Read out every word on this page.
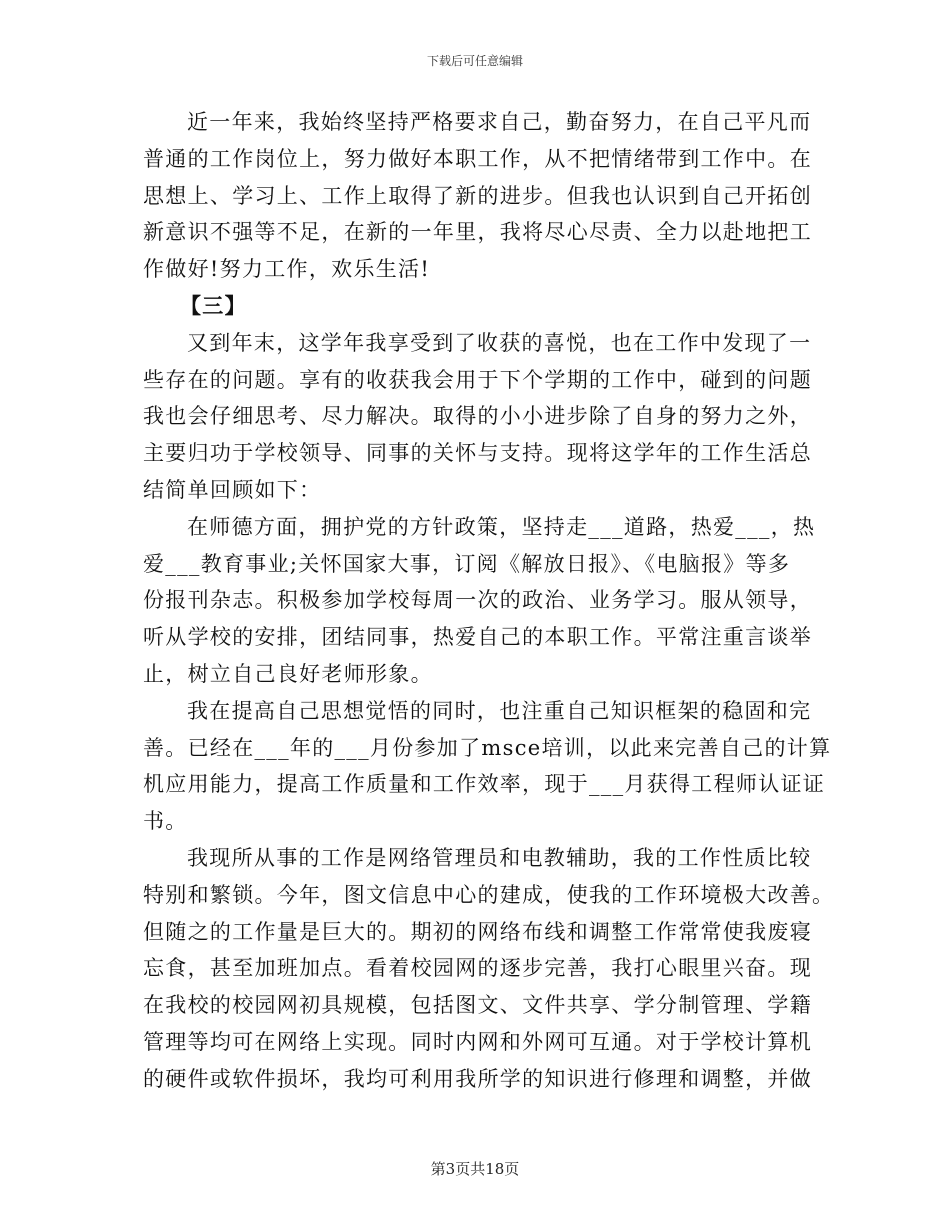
下载后可任意编辑
近一年来，我始终坚持严格要求自己，勤奋努力，在自己平凡而
普通的工作岗位上，努力做好本职工作，从不把情绪带到工作中。在
思想上、学习上、工作上取得了新的进步。但我也认识到自己开拓创
新意识不强等不足，在新的一年里，我将尽心尽责、全力以赴地把工
作做好!努力工作，欢乐生活!
【三】
又到年末，这学年我享受到了收获的喜悦，也在工作中发现了一
些存在的问题。享有的收获我会用于下个学期的工作中，碰到的问题
我也会仔细思考、尽力解决。取得的小小进步除了自身的努力之外，
主要归功于学校领导、同事的关怀与支持。现将这学年的工作生活总
结简单回顾如下：
在师德方面，拥护党的方针政策，坚持走___道路，热爱___，热
爱___教育事业;关怀国家大事，订阅《解放日报》、《电脑报》等多
份报刊杂志。积极参加学校每周一次的政治、业务学习。服从领导，
听从学校的安排，团结同事，热爱自己的本职工作。平常注重言谈举
止，树立自己良好老师形象。
我在提高自己思想觉悟的同时，也注重自己知识框架的稳固和完
善。已经在___年的___月份参加了msce培训，以此来完善自己的计算
机应用能力，提高工作质量和工作效率，现于___月获得工程师认证证
书。
我现所从事的工作是网络管理员和电教辅助，我的工作性质比较
特别和繁锁。今年，图文信息中心的建成，使我的工作环境极大改善。
但随之的工作量是巨大的。期初的网络布线和调整工作常常使我废寝
忘食，甚至加班加点。看着校园网的逐步完善，我打心眼里兴奋。现
在我校的校园网初具规模，包括图文、文件共享、学分制管理、学籍
管理等均可在网络上实现。同时内网和外网可互通。对于学校计算机
的硬件或软件损坏，我均可利用我所学的知识进行修理和调整，并做
第3页共18页
